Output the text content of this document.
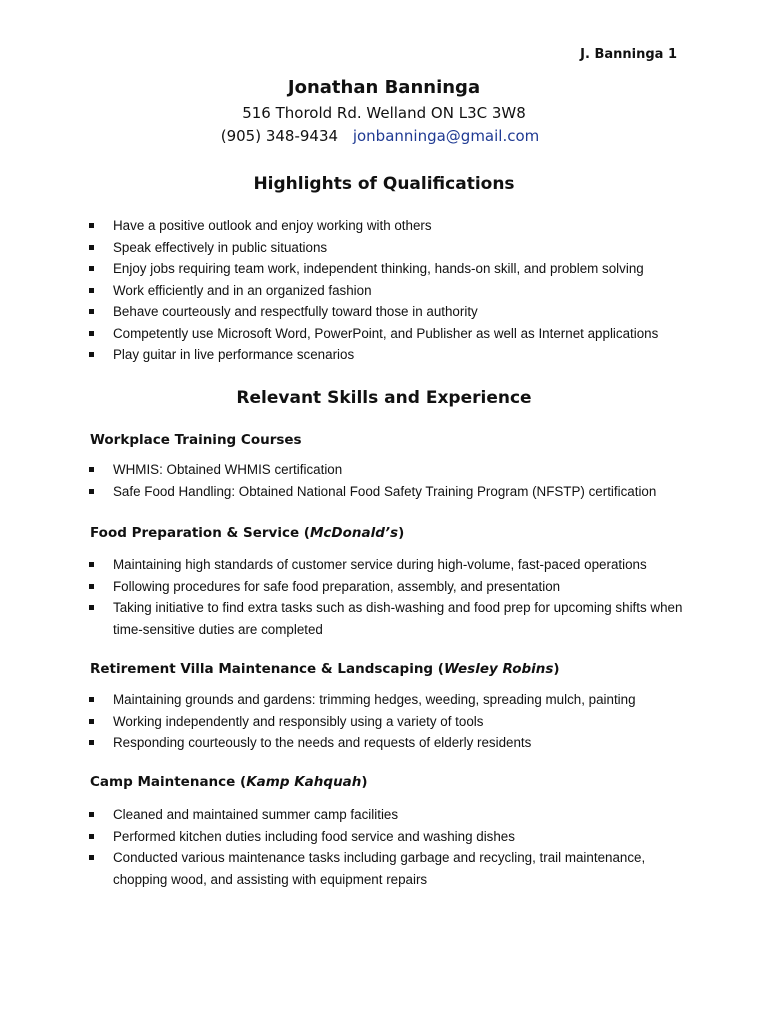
J. Banninga 1
Jonathan Banninga
516 Thorold Rd. Welland ON L3C 3W8
(905) 348-9434 jonbanninga@gmail.com
Highlights of Qualifications
Have a positive outlook and enjoy working with others
Speak effectively in public situations
Enjoy jobs requiring team work, independent thinking, hands-on skill, and problem solving
Work efficiently and in an organized fashion
Behave courteously and respectfully toward those in authority
Competently use Microsoft Word, PowerPoint, and Publisher as well as Internet applications
Play guitar in live performance scenarios
Relevant Skills and Experience
Workplace Training Courses
WHMIS: Obtained WHMIS certification
Safe Food Handling: Obtained National Food Safety Training Program (NFSTP) certification
Food Preparation & Service (McDonald’s)
Maintaining high standards of customer service during high-volume, fast-paced operations
Following procedures for safe food preparation, assembly, and presentation
Taking initiative to find extra tasks such as dish-washing and food prep for upcoming shifts when time-sensitive duties are completed
Retirement Villa Maintenance & Landscaping (Wesley Robins)
Maintaining grounds and gardens: trimming hedges, weeding, spreading mulch, painting
Working independently and responsibly using a variety of tools
Responding courteously to the needs and requests of elderly residents
Camp Maintenance (Kamp Kahquah)
Cleaned and maintained summer camp facilities
Performed kitchen duties including food service and washing dishes
Conducted various maintenance tasks including garbage and recycling, trail maintenance, chopping wood, and assisting with equipment repairs
